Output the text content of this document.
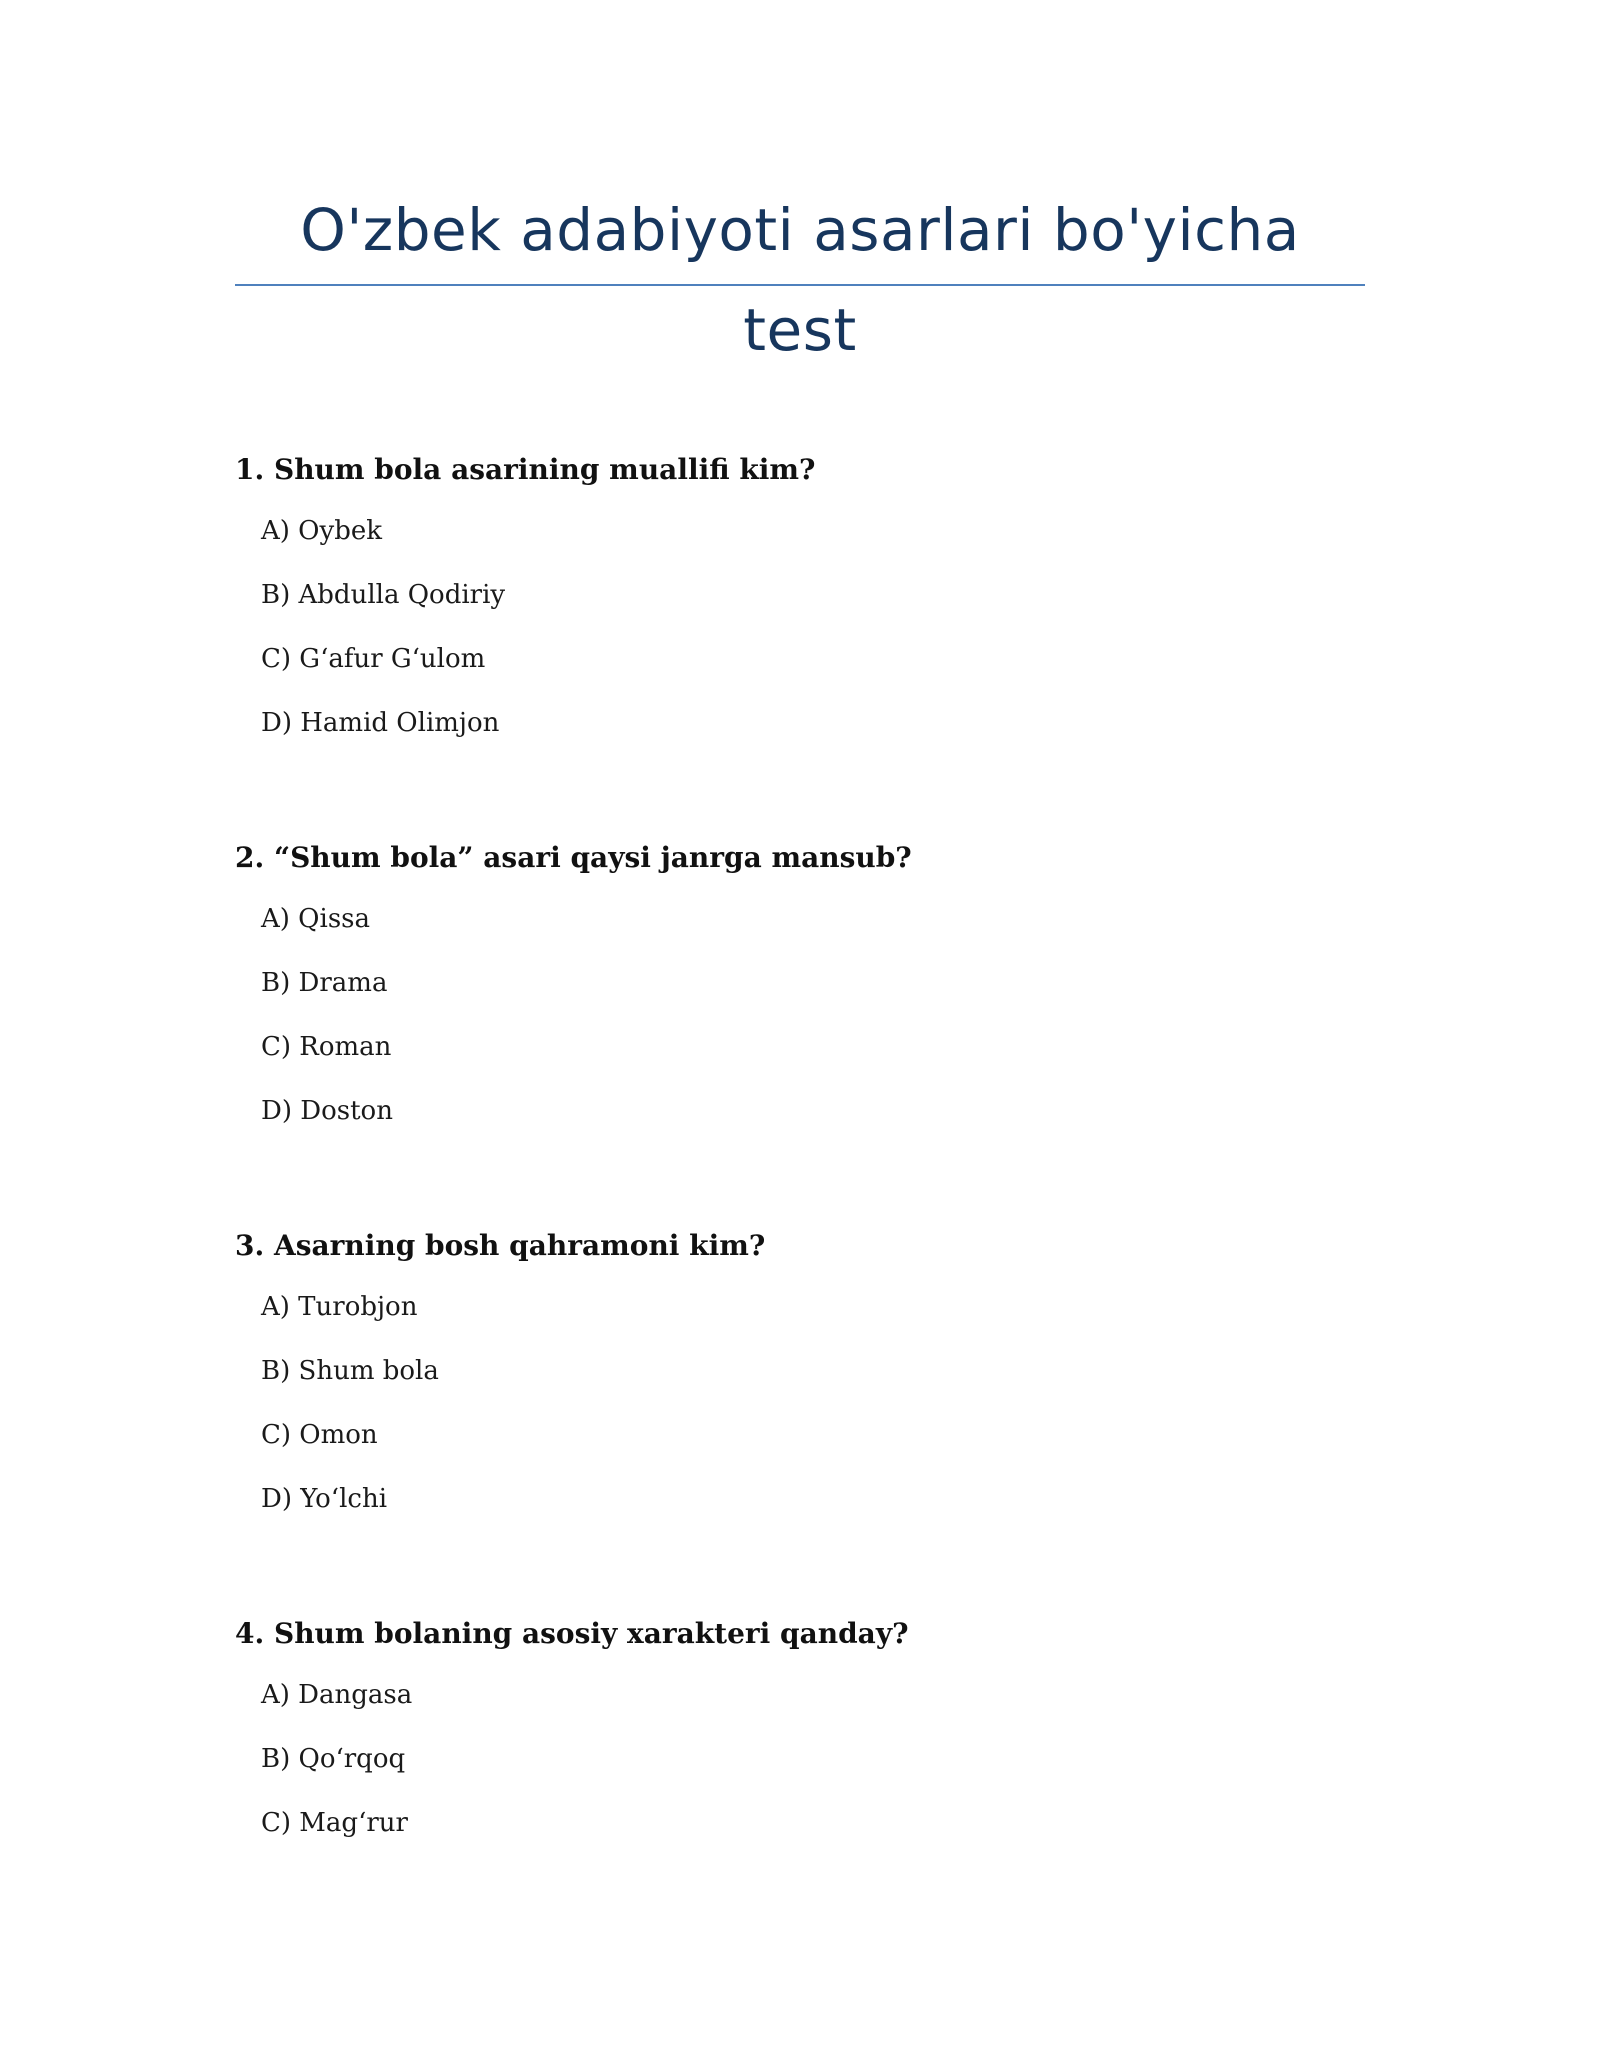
O'zbek adabiyoti asarlari bo'yicha test

1. Shum bola asarining muallifi kim?

A) Oybek
B) Abdulla Qodiriy
C) G‘afur G‘ulom
D) Hamid Olimjon

2. “Shum bola” asari qaysi janrga mansub?

A) Qissa
B) Drama
C) Roman
D) Doston

3. Asarning bosh qahramoni kim?

A) Turobjon
B) Shum bola
C) Omon
D) Yo‘lchi

4. Shum bolaning asosiy xarakteri qanday?

A) Dangasa
B) Qo‘rqoq
C) Mag‘rur
